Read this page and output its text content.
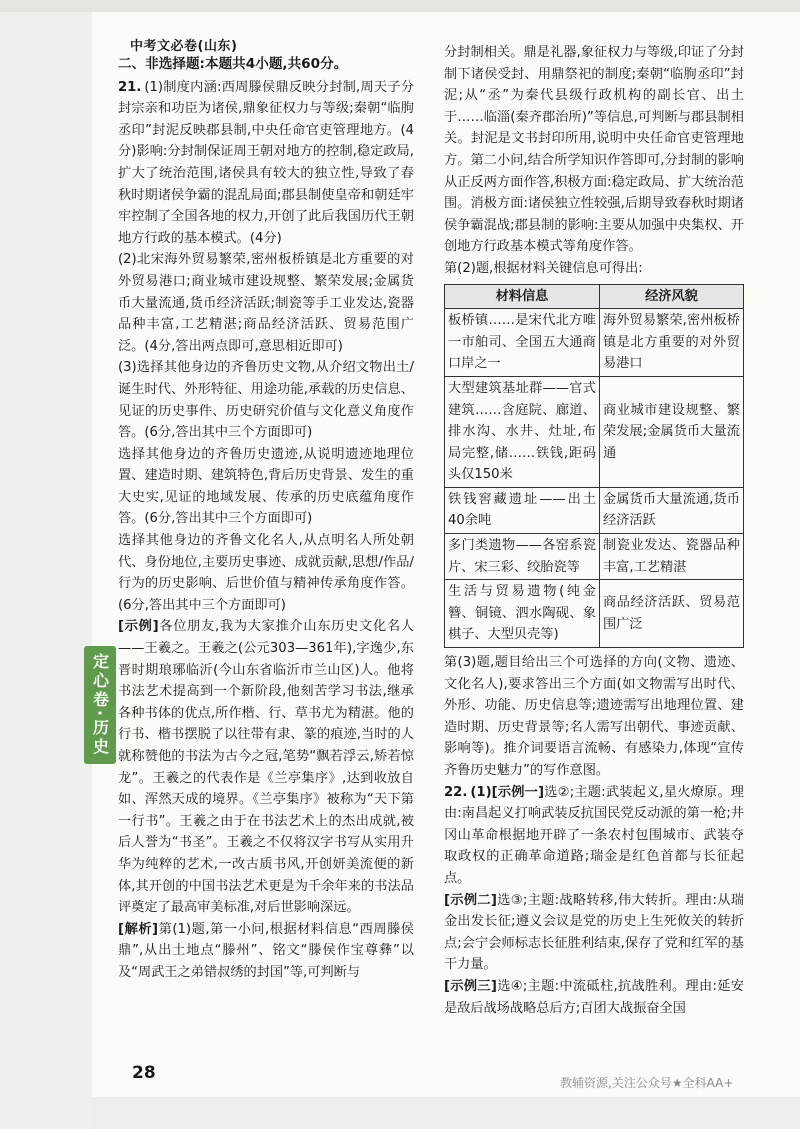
中考文必卷(山东)

二、非选择题:本题共4小题,共60分。

21. (1)制度内涵:西周滕侯鼎反映分封制,周天子分封宗亲和功臣为诸侯,鼎象征权力与等级;秦朝“临朐丞印”封泥反映郡县制,中央任命官吏管理地方。(4分)影响:分封制保证周王朝对地方的控制,稳定政局,扩大了统治范围,诸侯具有较大的独立性,导致了春秋时期诸侯争霸的混乱局面;郡县制使皇帝和朝廷牢牢控制了全国各地的权力,开创了此后我国历代王朝地方行政的基本模式。(4分)

(2)北宋海外贸易繁荣,密州板桥镇是北方重要的对外贸易港口;商业城市建设规整、繁荣发展;金属货币大量流通,货币经济活跃;制瓷等手工业发达,瓷器品种丰富,工艺精湛;商品经济活跃、贸易范围广泛。(4分,答出两点即可,意思相近即可)

(3)选择其他身边的齐鲁历史文物,从介绍文物出土/诞生时代、外形特征、用途功能,承载的历史信息、见证的历史事件、历史研究价值与文化意义角度作答。(6分,答出其中三个方面即可)

选择其他身边的齐鲁历史遗迹,从说明遗迹地理位置、建造时期、建筑特色,背后历史背景、发生的重大史实,见证的地域发展、传承的历史底蕴角度作答。(6分,答出其中三个方面即可)

选择其他身边的齐鲁文化名人,从点明名人所处朝代、身份地位,主要历史事迹、成就贡献,思想/作品/行为的历史影响、后世价值与精神传承角度作答。(6分,答出其中三个方面即可)

[示例]各位朋友,我为大家推介山东历史文化名人——王羲之。王羲之(公元303—361年),字逸少,东晋时期琅琊临沂(今山东省临沂市兰山区)人。他将书法艺术提高到一个新阶段,他刻苦学习书法,继承各种书体的优点,所作楷、行、草书尤为精湛。他的行书、楷书摆脱了以往带有隶、篆的痕迹,当时的人就称赞他的书法为古今之冠,笔势“飘若浮云,矫若惊龙”。王羲之的代表作是《兰亭集序》,达到收放自如、浑然天成的境界。《兰亭集序》被称为“天下第一行书”。王羲之由于在书法艺术上的杰出成就,被后人誉为“书圣”。王羲之不仅将汉字书写从实用升华为纯粹的艺术,一改古质书风,开创妍美流便的新体,其开创的中国书法艺术更是为千余年来的书法品评奠定了最高审美标准,对后世影响深远。

[解析]第(1)题,第一小问,根据材料信息“西周滕侯鼎”,从出土地点“滕州”、铭文“滕侯作宝尊彝”以及“周武王之弟错叔绣的封国”等,可判断与

分封制相关。鼎是礼器,象征权力与等级,印证了分封制下诸侯受封、用鼎祭祀的制度;秦朝“临朐丞印”封泥;从“丞”为秦代县级行政机构的副长官、出土于……临淄(秦齐郡治所)”等信息,可判断与郡县制相关。封泥是文书封印所用,说明中央任命官吏管理地方。第二小问,结合所学知识作答即可,分封制的影响从正反两方面作答,积极方面:稳定政局、扩大统治范围。消极方面:诸侯独立性较强,后期导致春秋时期诸侯争霸混战;郡县制的影响:主要从加强中央集权、开创地方行政基本模式等角度作答。

第(2)题,根据材料关键信息可得出:

材料信息	经济风貌
板桥镇……是宋代北方唯一市舶司、全国五大通商口岸之一	海外贸易繁荣,密州板桥镇是北方重要的对外贸易港口
大型建筑基址群——官式建筑……含庭院、廊道、排水沟、水井、灶址,布局完整,储……铁钱,距码头仅150米	商业城市建设规整、繁荣发展;金属货币大量流通
铁钱窖藏遗址——出土40余吨	金属货币大量流通,货币经济活跃
多门类遗物——各窑系瓷片、宋三彩、绞胎瓷等	制瓷业发达、瓷器品种丰富,工艺精湛
生活与贸易遗物(纯金簪、铜镜、泗水陶砚、象棋子、大型贝壳等)	商品经济活跃、贸易范围广泛

第(3)题,题目给出三个可选择的方向(文物、遗迹、文化名人),要求答出三个方面(如文物需写出时代、外形、功能、历史信息等;遗迹需写出地理位置、建造时期、历史背景等;名人需写出朝代、事迹贡献、影响等)。推介词要语言流畅、有感染力,体现“宣传齐鲁历史魅力”的写作意图。

22. (1)[示例一]选②;主题:武装起义,星火燎原。理由:南昌起义打响武装反抗国民党反动派的第一枪;井冈山革命根据地开辟了一条农村包围城市、武装夺取政权的正确革命道路;瑞金是红色首都与长征起点。

[示例二]选③;主题:战略转移,伟大转折。理由:从瑞金出发长征;遵义会议是党的历史上生死攸关的转折点;会宁会师标志长征胜利结束,保存了党和红军的基干力量。

[示例三]选④;主题:中流砥柱,抗战胜利。理由:延安是敌后战场战略总后方;百团大战振奋全国

定心卷·历史
28	教辅资源,关注公众号★全科AA+
